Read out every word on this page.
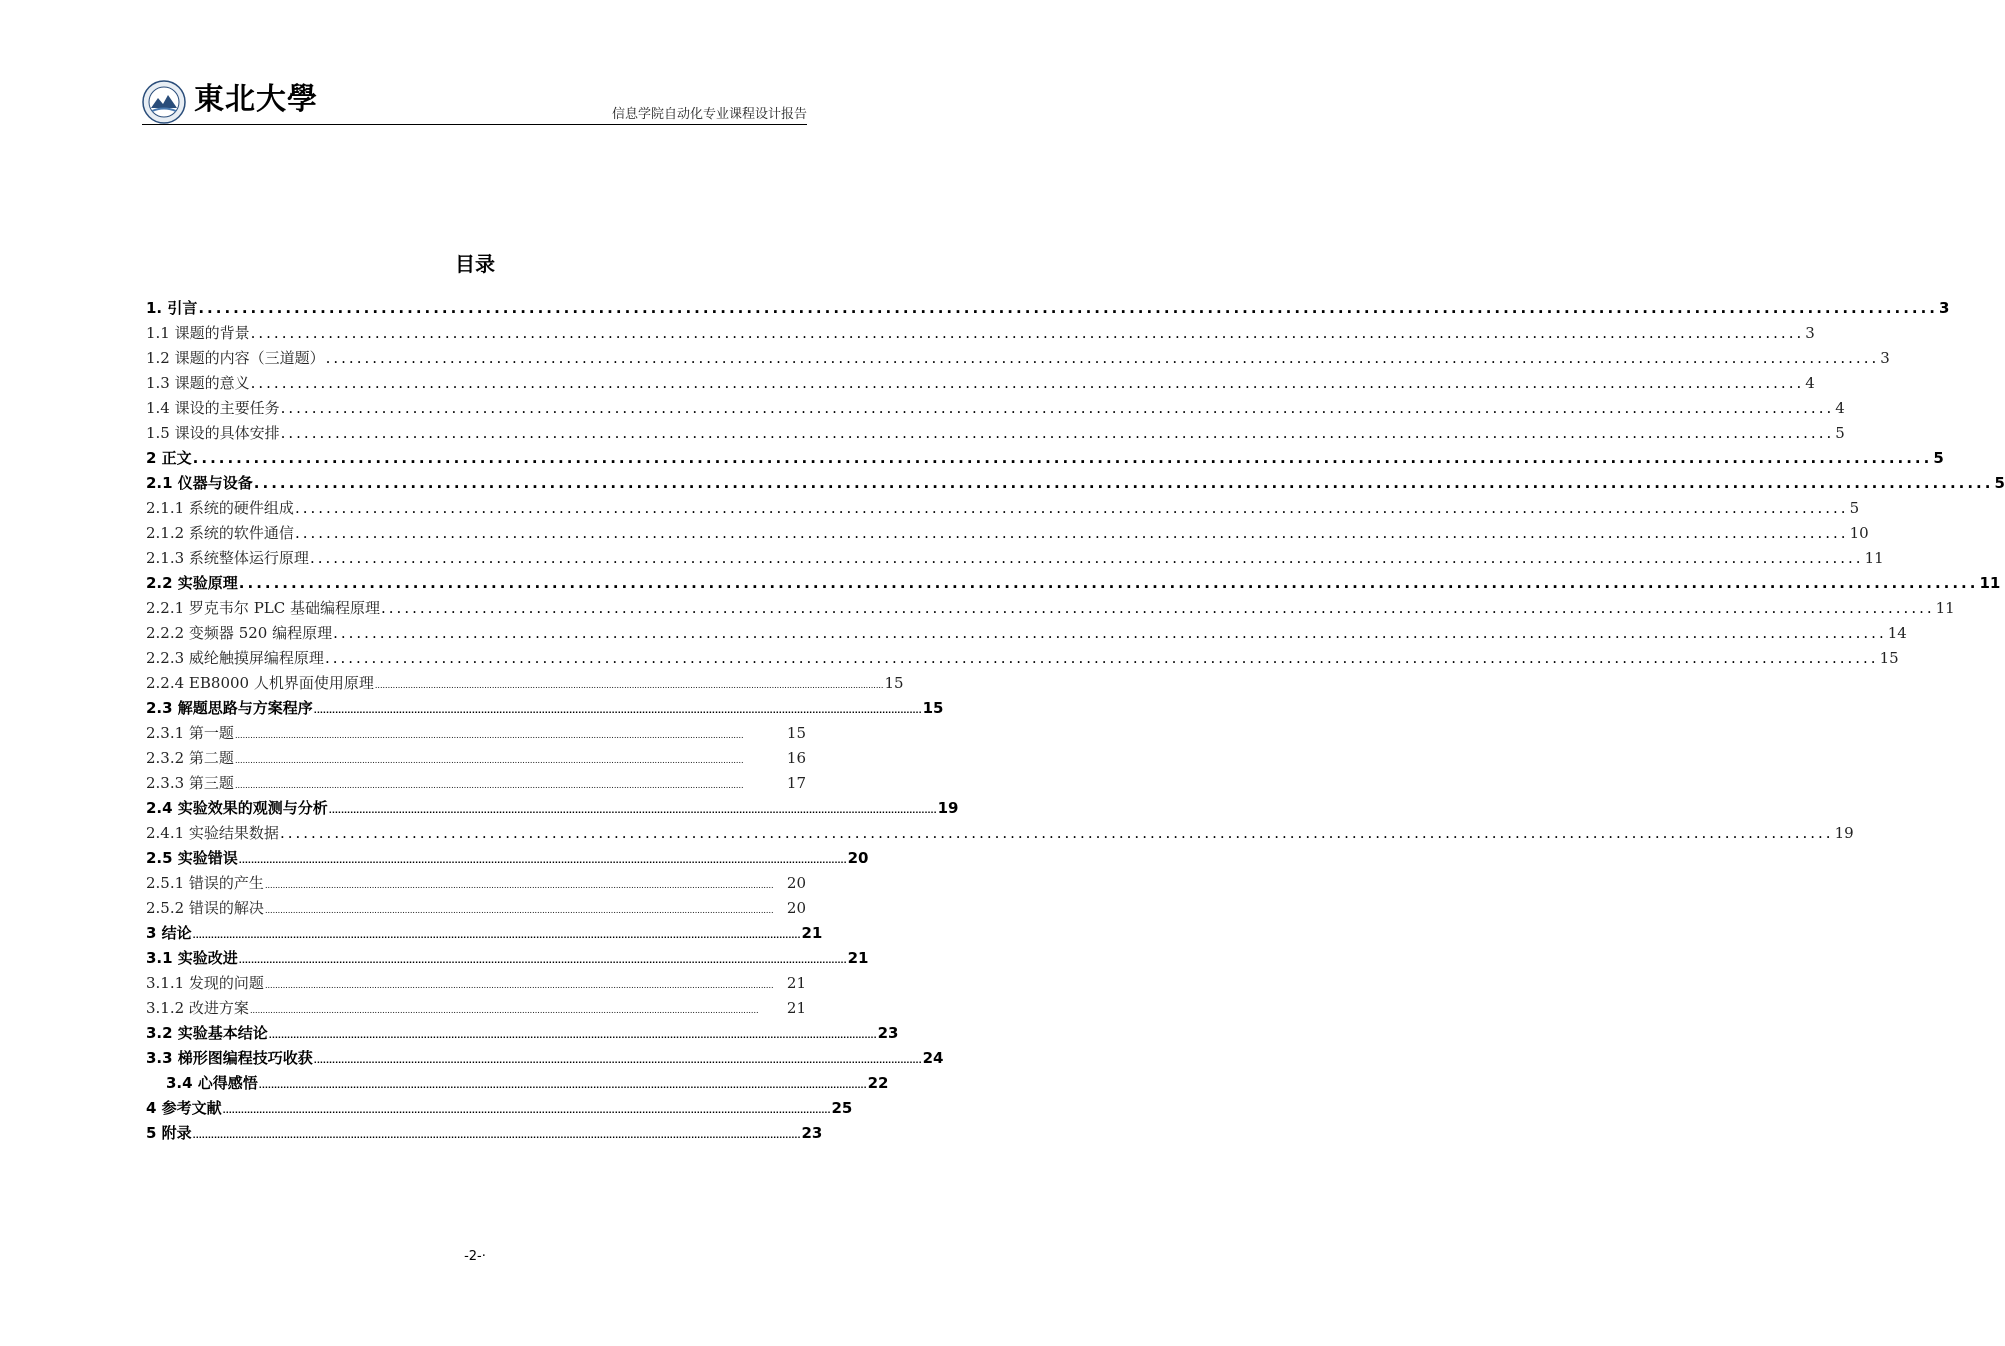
東北大學	信息学院自动化专业课程设计报告
目录
1. 引言 ........................................................................................................................................................................................................ 3
1.1 课题的背景 ........................................................................................................................................................................................................ 3
1.2 课题的内容（三道题） ........................................................................................................................................................................................................ 3
1.3 课题的意义 ........................................................................................................................................................................................................ 4
1.4 课设的主要任务 ........................................................................................................................................................................................................ 4
1.5 课设的具体安排 ........................................................................................................................................................................................................ 5
2 正文 ........................................................................................................................................................................................................ 5
2.1 仪器与设备 ........................................................................................................................................................................................................ 5
2.1.1 系统的硬件组成 ........................................................................................................................................................................................................ 5
2.1.2 系统的软件通信 ........................................................................................................................................................................................................ 10
2.1.3 系统整体运行原理 ........................................................................................................................................................................................................ 11
2.2 实验原理 ........................................................................................................................................................................................................ 11
2.2.1 罗克韦尔 PLC 基础编程原理 ........................................................................................................................................................................................................ 11
2.2.2 变频器 520 编程原理 ........................................................................................................................................................................................................ 14
2.2.3 威纶触摸屏编程原理 ........................................................................................................................................................................................................ 15
2.2.4 EB8000 人机界面使用原理 ........................................................................................................................................................................................................ 15
2.3 解题思路与方案程序 ........................................................................................................................................................................................................ 15
2.3.1 第一题 ........................................................................................................................................................................................................	15
2.3.2 第二题 ........................................................................................................................................................................................................	16
2.3.3 第三题 ........................................................................................................................................................................................................	17
2.4 实验效果的观测与分析 ........................................................................................................................................................................................................ 19
2.4.1 实验结果数据 ........................................................................................................................................................................................................ 19
2.5 实验错误 ........................................................................................................................................................................................................ 20
2.5.1 错误的产生 ........................................................................................................................................................................................................ 20
2.5.2 错误的解决 ........................................................................................................................................................................................................ 20
3 结论 ........................................................................................................................................................................................................ 21
3.1 实验改进 ........................................................................................................................................................................................................ 21
3.1.1 发现的问题 ........................................................................................................................................................................................................ 21
3.1.2 改进方案 ........................................................................................................................................................................................................	21
3.2 实验基本结论 ........................................................................................................................................................................................................ 23
3.3 梯形图编程技巧收获 ........................................................................................................................................................................................................ 24
3.4 心得感悟 ........................................................................................................................................................................................................ 22
4 参考文献 ........................................................................................................................................................................................................ 25
5 附录 ........................................................................................................................................................................................................ 23
-2-·
